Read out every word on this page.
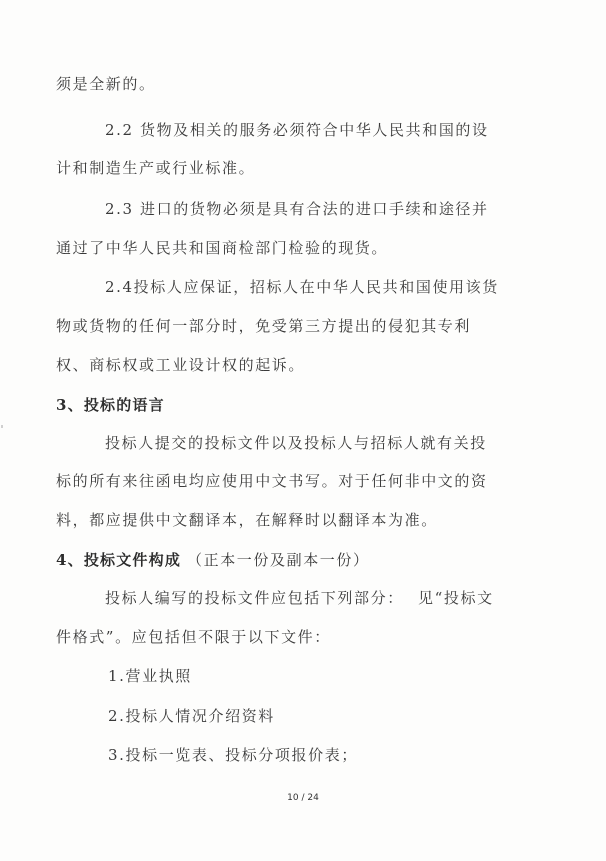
须是全新的。

2.2 货物及相关的服务必须符合中华人民共和国的设

计和制造生产或行业标准。

2.3 进口的货物必须是具有合法的进口手续和途径并

通过了中华人民共和国商检部门检验的现货。

2.4投标人应保证，招标人在中华人民共和国使用该货

物或货物的任何一部分时，免受第三方提出的侵犯其专利

权、商标权或工业设计权的起诉。

3、投标的语言

投标人提交的投标文件以及投标人与招标人就有关投

标的所有来往函电均应使用中文书写。对于任何非中文的资

料，都应提供中文翻译本，在解释时以翻译本为准。

4、投标文件构成 （正本一份及副本一份）

投标人编写的投标文件应包括下列部分： 见“投标文

件格式”。应包括但不限于以下文件：

1.营业执照

2.投标人情况介绍资料

3.投标一览表、投标分项报价表；

10 / 24
